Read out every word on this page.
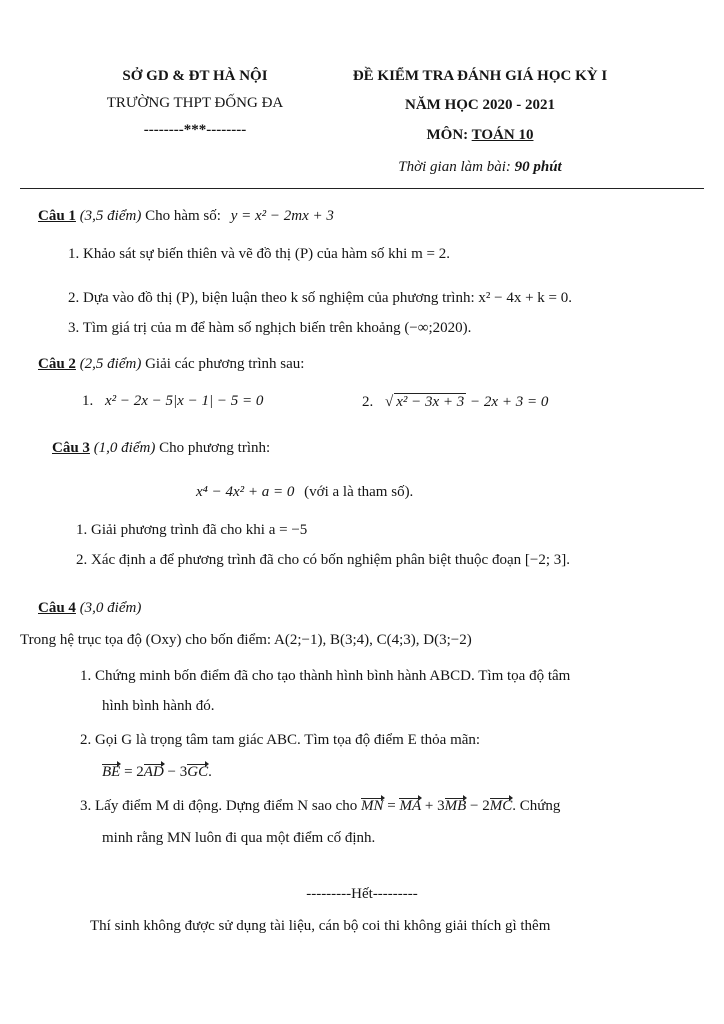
SỞ GD & ĐT HÀ NỘI
TRƯỜNG THPT ĐỐNG ĐA
--------***--------
ĐỀ KIỂM TRA ĐÁNH GIÁ HỌC KỲ I
NĂM HỌC 2020 - 2021
MÔN: TOÁN 10
Thời gian làm bài: 90 phút
Câu 1 (3,5 điểm) Cho hàm số: y = x² − 2mx + 3
1. Khảo sát sự biến thiên và vẽ đồ thị (P) của hàm số khi m = 2.
2. Dựa vào đồ thị (P), biện luận theo k số nghiệm của phương trình: x² − 4x + k = 0.
3. Tìm giá trị của m để hàm số nghịch biến trên khoảng (−∞;2020).
Câu 2 (2,5 điểm) Giải các phương trình sau:
1. x² − 2x − 5|x − 1| − 5 = 0	2. √ x² − 3x + 3 − 2x + 3 = 0
Câu 3 (1,0 điểm) Cho phương trình:
x⁴ − 4x² + a = 0 (với a là tham số).
1. Giải phương trình đã cho khi a = −5
2. Xác định a để phương trình đã cho có bốn nghiệm phân biệt thuộc đoạn [−2; 3].
Câu 4 (3,0 điểm)
Trong hệ trục tọa độ (Oxy) cho bốn điểm: A(2;−1), B(3;4), C(4;3), D(3;−2)
1. Chứng minh bốn điểm đã cho tạo thành hình bình hành ABCD. Tìm tọa độ tâm
hình bình hành đó.
2. Gọi G là trọng tâm tam giác ABC. Tìm tọa độ điểm E thỏa mãn:
BE = 2AD − 3GC.
3. Lấy điểm M di động. Dựng điểm N sao cho MN = MA + 3MB − 2MC. Chứng
minh rằng MN luôn đi qua một điểm cố định.
---------Hết---------
Thí sinh không được sử dụng tài liệu, cán bộ coi thi không giải thích gì thêm
